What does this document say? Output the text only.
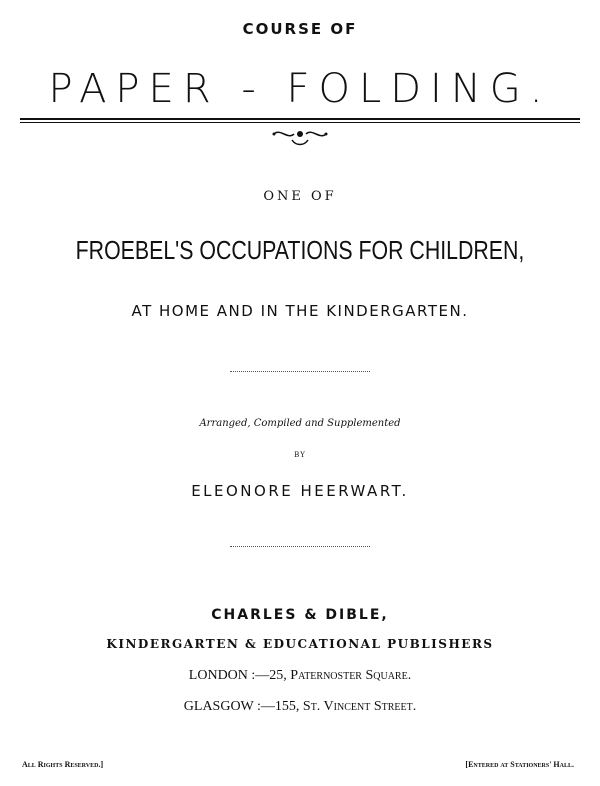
COURSE OF
PAPER - FOLDING.
ONE OF
FROEBEL'S OCCUPATIONS FOR CHILDREN,
AT HOME AND IN THE KINDERGARTEN.
Arranged, Compiled and Supplemented
BY
ELEONORE HEERWART.
CHARLES & DIBLE,
KINDERGARTEN & EDUCATIONAL PUBLISHERS
LONDON :—25, Paternoster Square.
GLASGOW :—155, St. Vincent Street.
All Rights Reserved.]	[Entered at Stationers' Hall.
